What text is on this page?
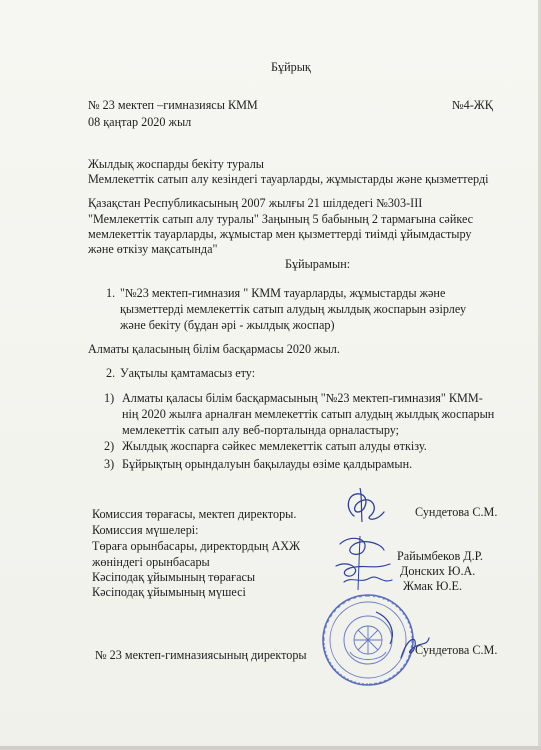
Бұйрық
№ 23 мектеп –гимназиясы КММ	№4-ЖҚ
08 қаңтар 2020 жыл
Жылдық жоспарды бекіту туралы
Мемлекеттік сатып алу кезіндегі тауарларды, жұмыстарды және қызметтерді
Қазақстан Республикасының 2007 жылғы 21 шілдедегі №303-III
"Мемлекеттік сатып алу туралы" Заңының 5 бабының 2 тармағына сәйкес
мемлекеттік тауарларды, жұмыстар мен қызметтерді тиімді ұйымдастыру
және өткізу мақсатында"
Бұйырамын:
1. "№23 мектеп-гимназия " КММ тауарларды, жұмыстарды және
қызметтерді мемлекеттік сатып алудың жылдық жоспарын әзірлеу
және бекіту (бұдан әрі - жылдық жоспар)
Алматы қаласының білім басқармасы 2020 жыл.
2. Уақтылы қамтамасыз ету:
1) Алматы қаласы білім басқармасының "№23 мектеп-гимназия" КММ-
нің 2020 жылға арналған мемлекеттік сатып алудың жылдық жоспарын
мемлекеттік сатып алу веб-порталында орналастыру;
2) Жылдық жоспарға сәйкес мемлекеттік сатып алуды өткізу.
3) Бұйрықтың орындалуын бақылауды өзіме қалдырамын.
Комиссия төрағасы, мектеп директоры.	Сундетова С.М.
Комиссия мүшелері:
Төраға орынбасары, директордың АХЖ
жөніндегі орынбасары	Райымбеков Д.Р.
Кәсіподақ ұйымының төрағасы	Донских Ю.А.
Кәсіподақ ұйымының мүшесі	Жмак Ю.Е.
№ 23 мектеп-гимназиясының директоры	Сундетова С.М.
